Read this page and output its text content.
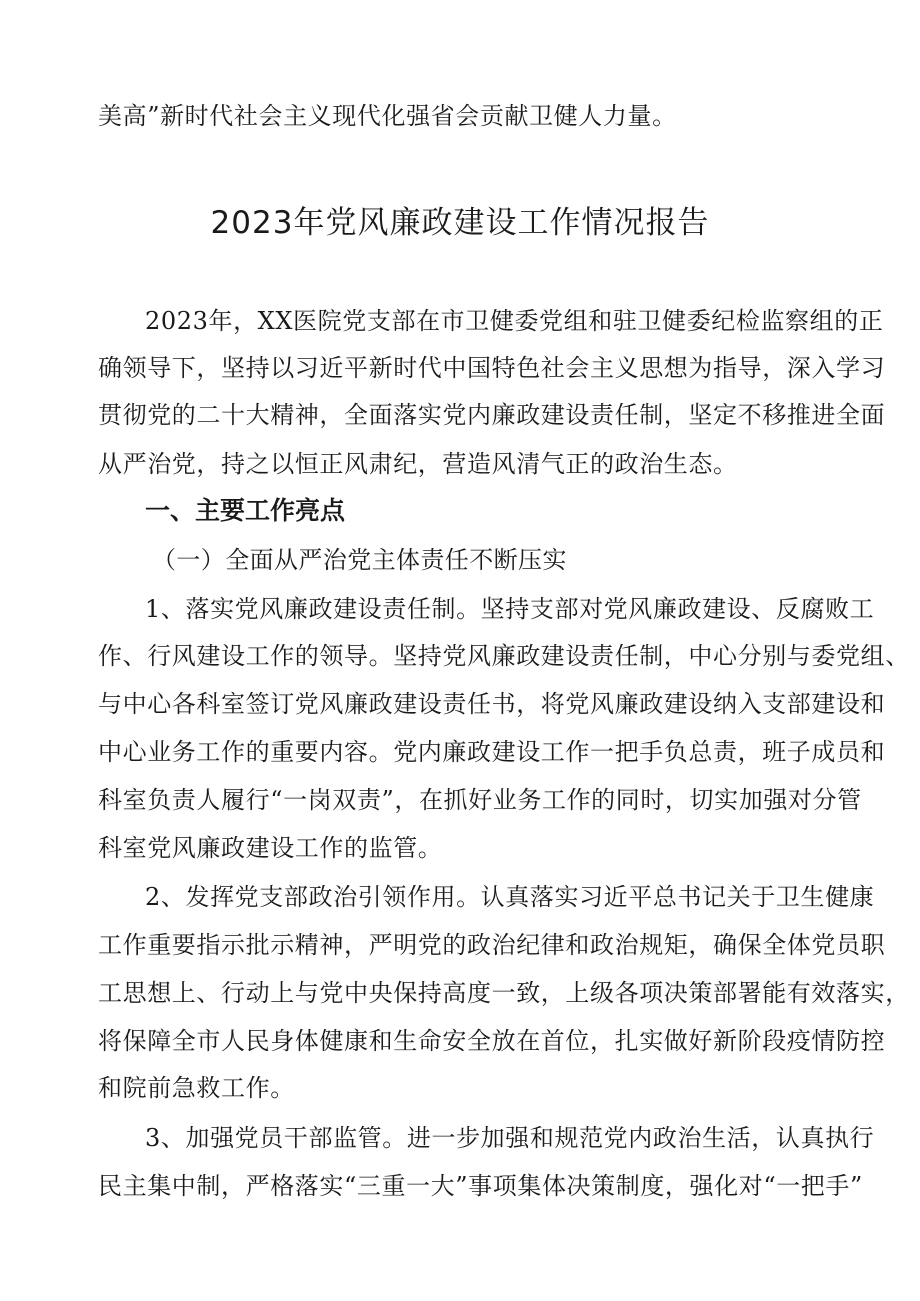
美高”新时代社会主义现代化强省会贡献卫健人力量。
2023年党风廉政建设工作情况报告
2023年，XX医院党支部在市卫健委党组和驻卫健委纪检监察组的正
确领导下，坚持以习近平新时代中国特色社会主义思想为指导，深入学习
贯彻党的二十大精神，全面落实党内廉政建设责任制，坚定不移推进全面
从严治党，持之以恒正风肃纪，营造风清气正的政治生态。
一、主要工作亮点
（一）全面从严治党主体责任不断压实
1、落实党风廉政建设责任制。坚持支部对党风廉政建设、反腐败工
作、行风建设工作的领导。坚持党风廉政建设责任制，中心分别与委党组、
与中心各科室签订党风廉政建设责任书，将党风廉政建设纳入支部建设和
中心业务工作的重要内容。党内廉政建设工作一把手负总责，班子成员和
科室负责人履行“一岗双责”，在抓好业务工作的同时，切实加强对分管
科室党风廉政建设工作的监管。
2、发挥党支部政治引领作用。认真落实习近平总书记关于卫生健康
工作重要指示批示精神，严明党的政治纪律和政治规矩，确保全体党员职
工思想上、行动上与党中央保持高度一致，上级各项决策部署能有效落实，
将保障全市人民身体健康和生命安全放在首位，扎实做好新阶段疫情防控
和院前急救工作。
3、加强党员干部监管。进一步加强和规范党内政治生活，认真执行
民主集中制，严格落实“三重一大”事项集体决策制度，强化对“一把手”
